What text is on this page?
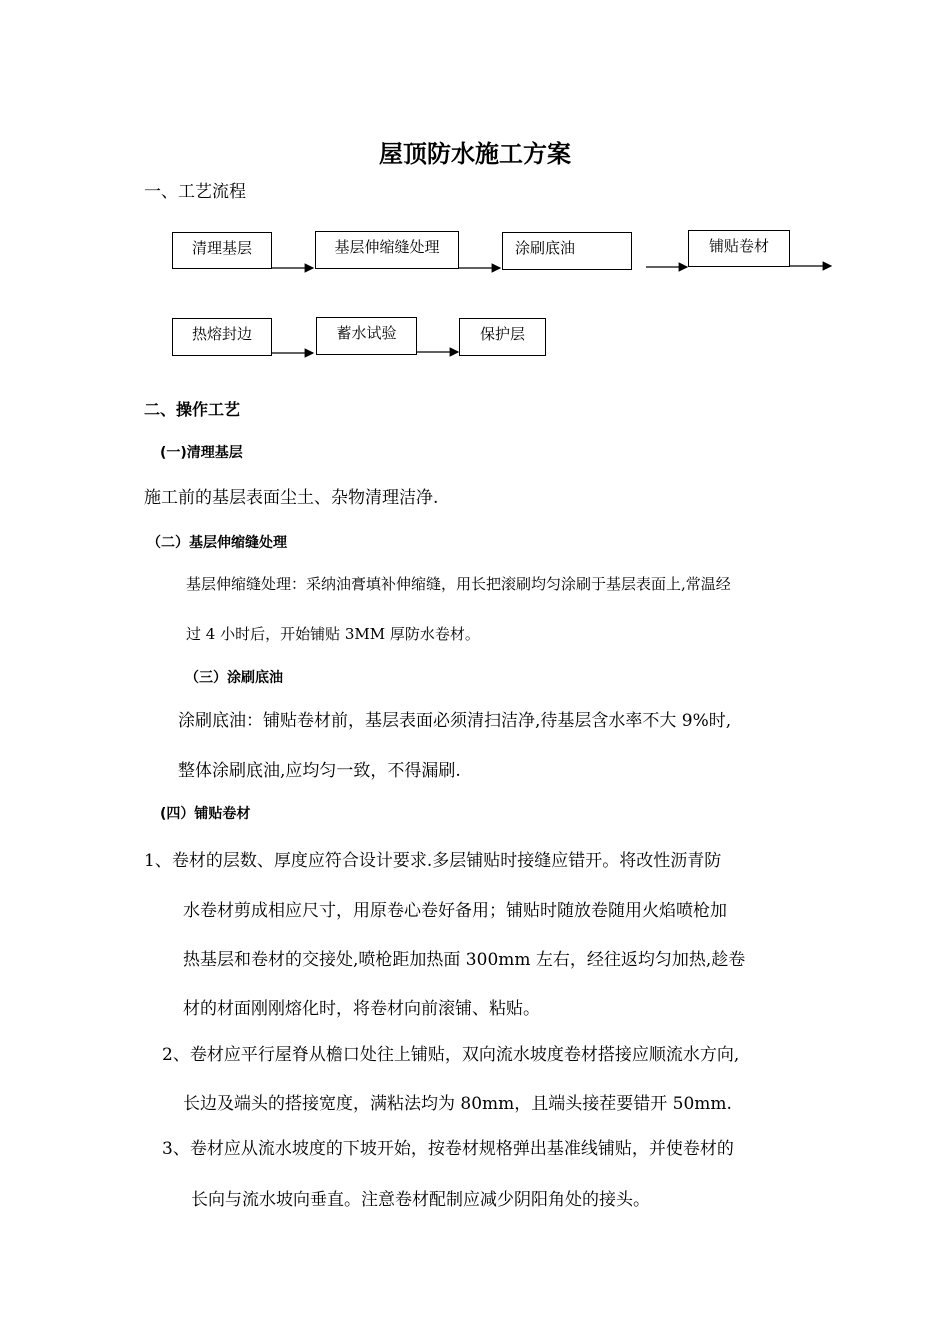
屋顶防水施工方案
一、工艺流程
清理基层	基层伸缩缝处理	涂刷底油	铺贴卷材
热熔封边	蓄水试验	保护层
二、操作工艺
(一)清理基层
施工前的基层表面尘土、杂物清理洁净.
（二）基层伸缩缝处理
基层伸缩缝处理：采纳油膏填补伸缩缝，用长把滚刷均匀涂刷于基层表面上,常温经
过 4 小时后，开始铺贴 3MM 厚防水卷材。
（三）涂刷底油
涂刷底油：铺贴卷材前，基层表面必须清扫洁净,待基层含水率不大 9%时,
整体涂刷底油,应均匀一致，不得漏刷.
(四）铺贴卷材
1、卷材的层数、厚度应符合设计要求.多层铺贴时接缝应错开。将改性沥青防
水卷材剪成相应尺寸，用原卷心卷好备用；铺贴时随放卷随用火焰喷枪加
热基层和卷材的交接处,喷枪距加热面 300mm 左右，经往返均匀加热,趁卷
材的材面刚刚熔化时，将卷材向前滚铺、粘贴。
2、卷材应平行屋脊从檐口处往上铺贴，双向流水坡度卷材搭接应顺流水方向,
长边及端头的搭接宽度，满粘法均为 80mm，且端头接茬要错开 50mm.
3、卷材应从流水坡度的下坡开始，按卷材规格弹出基准线铺贴，并使卷材的
长向与流水坡向垂直。注意卷材配制应减少阴阳角处的接头。
